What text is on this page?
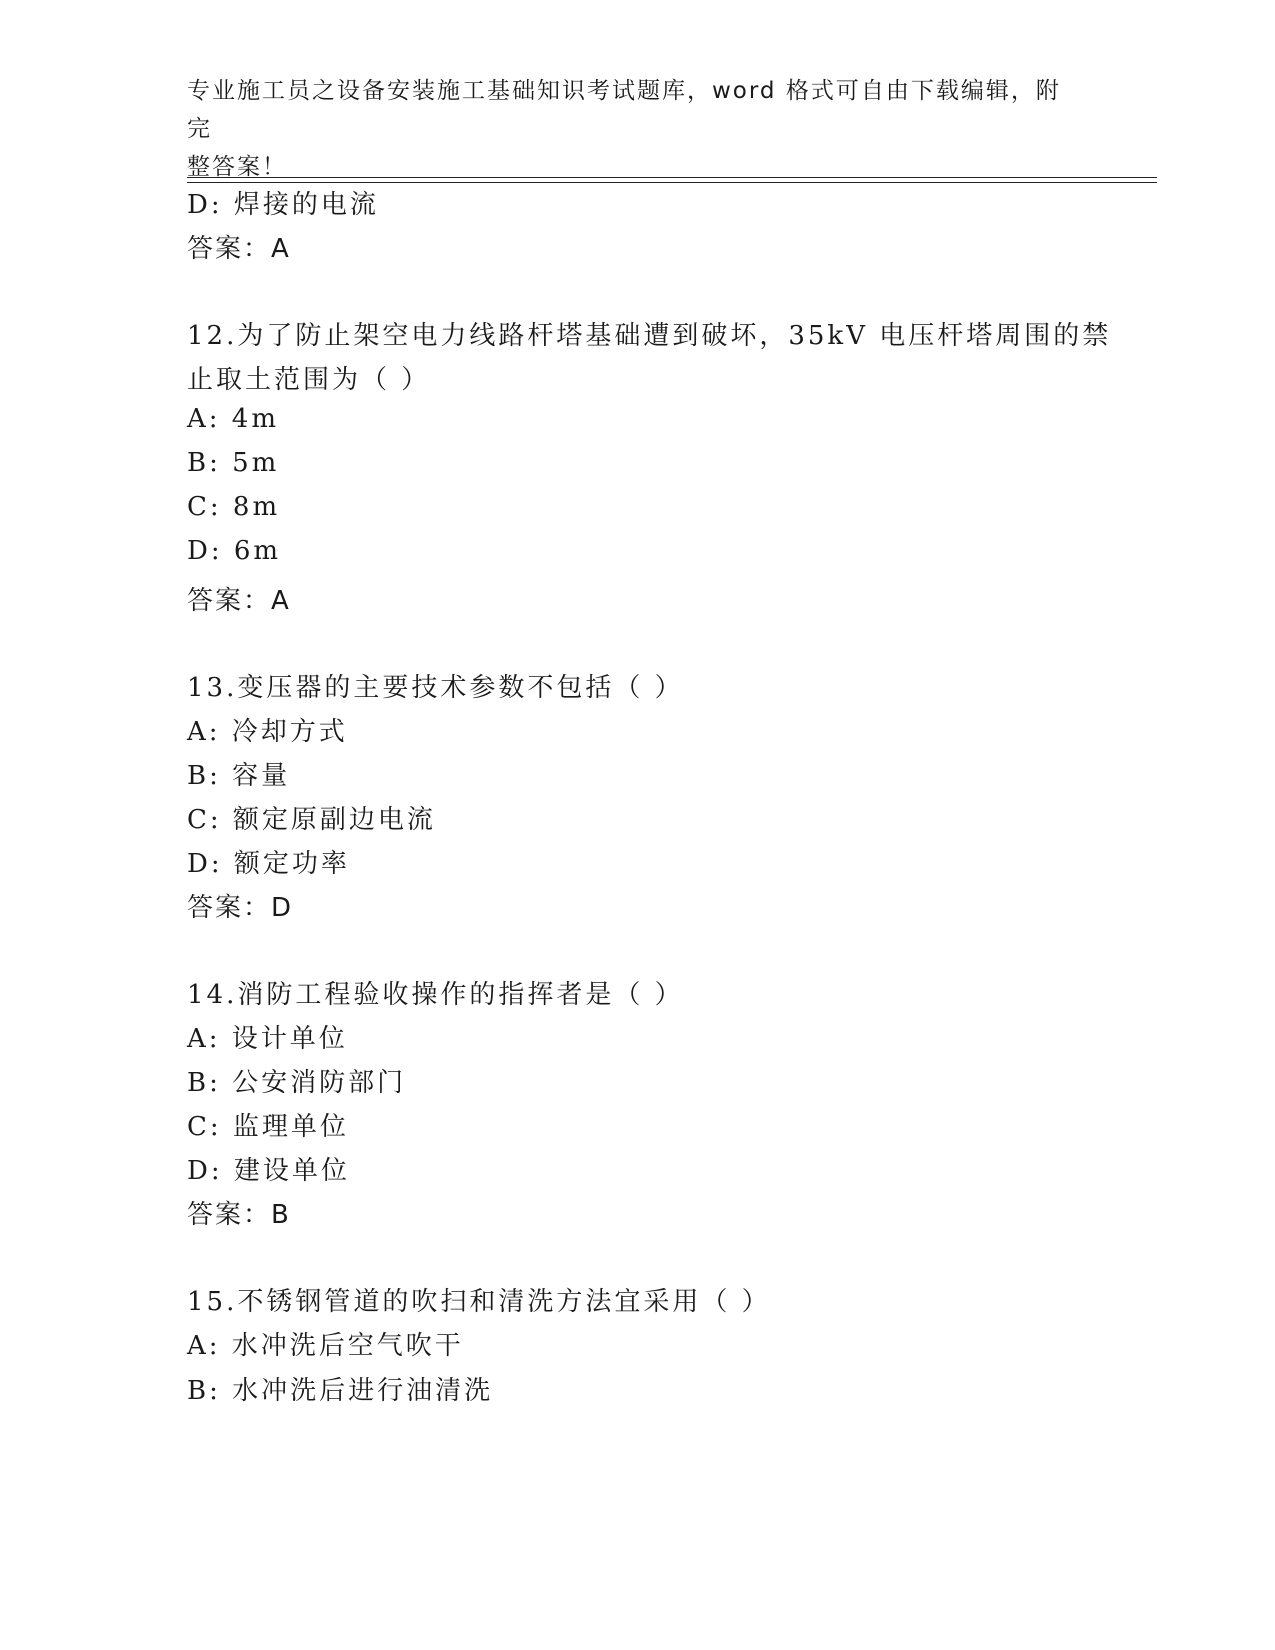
专业施工员之设备安装施工基础知识考试题库，word 格式可自由下载编辑，附完
整答案！
D: 焊接的电流
答案：A
12.为了防止架空电力线路杆塔基础遭到破坏，35kV 电压杆塔周围的禁
止取土范围为（ ）
A: 4m
B: 5m
C: 8m
D: 6m
答案：A
13.变压器的主要技术参数不包括（ ）
A: 冷却方式
B: 容量
C: 额定原副边电流
D: 额定功率
答案：D
14.消防工程验收操作的指挥者是（ ）
A: 设计单位
B: 公安消防部门
C: 监理单位
D: 建设单位
答案：B
15.不锈钢管道的吹扫和清洗方法宜采用（ ）
A: 水冲洗后空气吹干
B: 水冲洗后进行油清洗
